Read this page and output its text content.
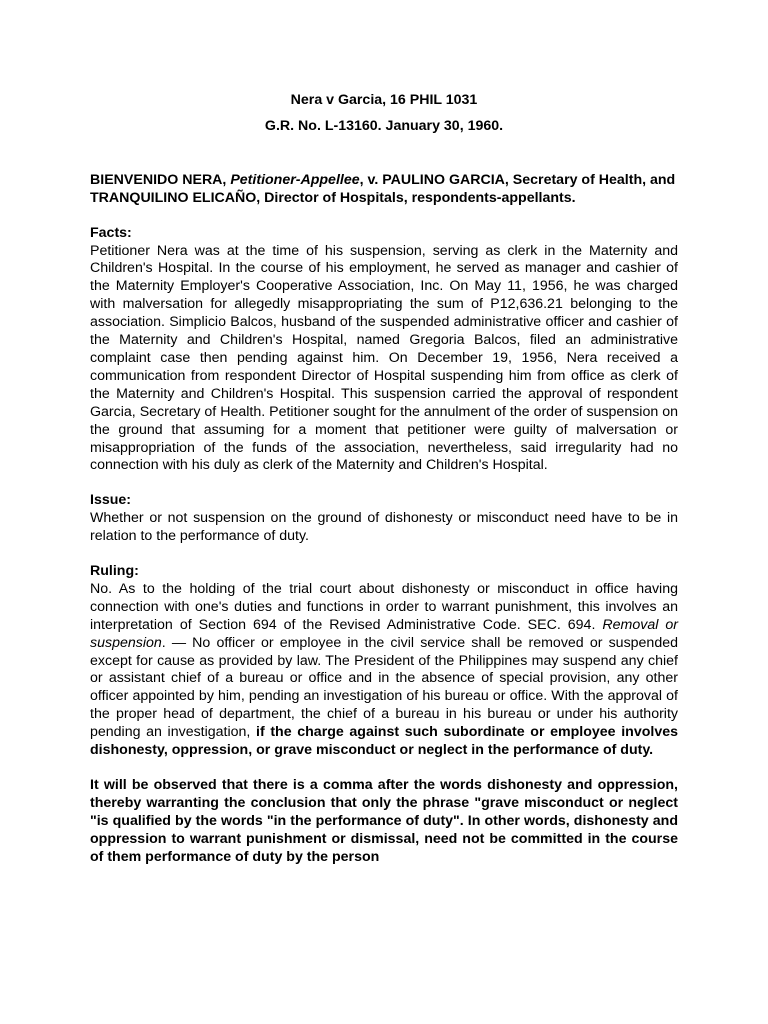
Nera v Garcia, 16 PHIL 1031
G.R. No. L-13160. January 30, 1960.
BIENVENIDO NERA, Petitioner-Appellee, v. PAULINO GARCIA, Secretary of Health, and TRANQUILINO ELICAÑO, Director of Hospitals, respondents-appellants.
Facts:

Petitioner Nera was at the time of his suspension, serving as clerk in the Maternity and Children's Hospital. In the course of his employment, he served as manager and cashier of the Maternity Employer's Cooperative Association, Inc. On May 11, 1956, he was charged with malversation for allegedly misappropriating the sum of P12,636.21 belonging to the association. Simplicio Balcos, husband of the suspended administrative officer and cashier of the Maternity and Children's Hospital, named Gregoria Balcos, filed an administrative complaint case then pending against him. On December 19, 1956, Nera received a communication from respondent Director of Hospital suspending him from office as clerk of the Maternity and Children's Hospital. This suspension carried the approval of respondent Garcia, Secretary of Health. Petitioner sought for the annulment of the order of suspension on the ground that assuming for a moment that petitioner were guilty of malversation or misappropriation of the funds of the association, nevertheless, said irregularity had no connection with his duly as clerk of the Maternity and Children's Hospital.

Issue:

Whether or not suspension on the ground of dishonesty or misconduct need have to be in relation to the performance of duty.

Ruling:

No. As to the holding of the trial court about dishonesty or misconduct in office having connection with one's duties and functions in order to warrant punishment, this involves an interpretation of Section 694 of the Revised Administrative Code. SEC. 694. Removal or suspension. — No officer or employee in the civil service shall be removed or suspended except for cause as provided by law. The President of the Philippines may suspend any chief or assistant chief of a bureau or office and in the absence of special provision, any other officer appointed by him, pending an investigation of his bureau or office. With the approval of the proper head of department, the chief of a bureau in his bureau or under his authority pending an investigation, if the charge against such subordinate or employee involves dishonesty, oppression, or grave misconduct or neglect in the performance of duty.

It will be observed that there is a comma after the words dishonesty and oppression, thereby warranting the conclusion that only the phrase "grave misconduct or neglect "is qualified by the words "in the performance of duty". In other words, dishonesty and oppression to warrant punishment or dismissal, need not be committed in the course of them performance of duty by the person
